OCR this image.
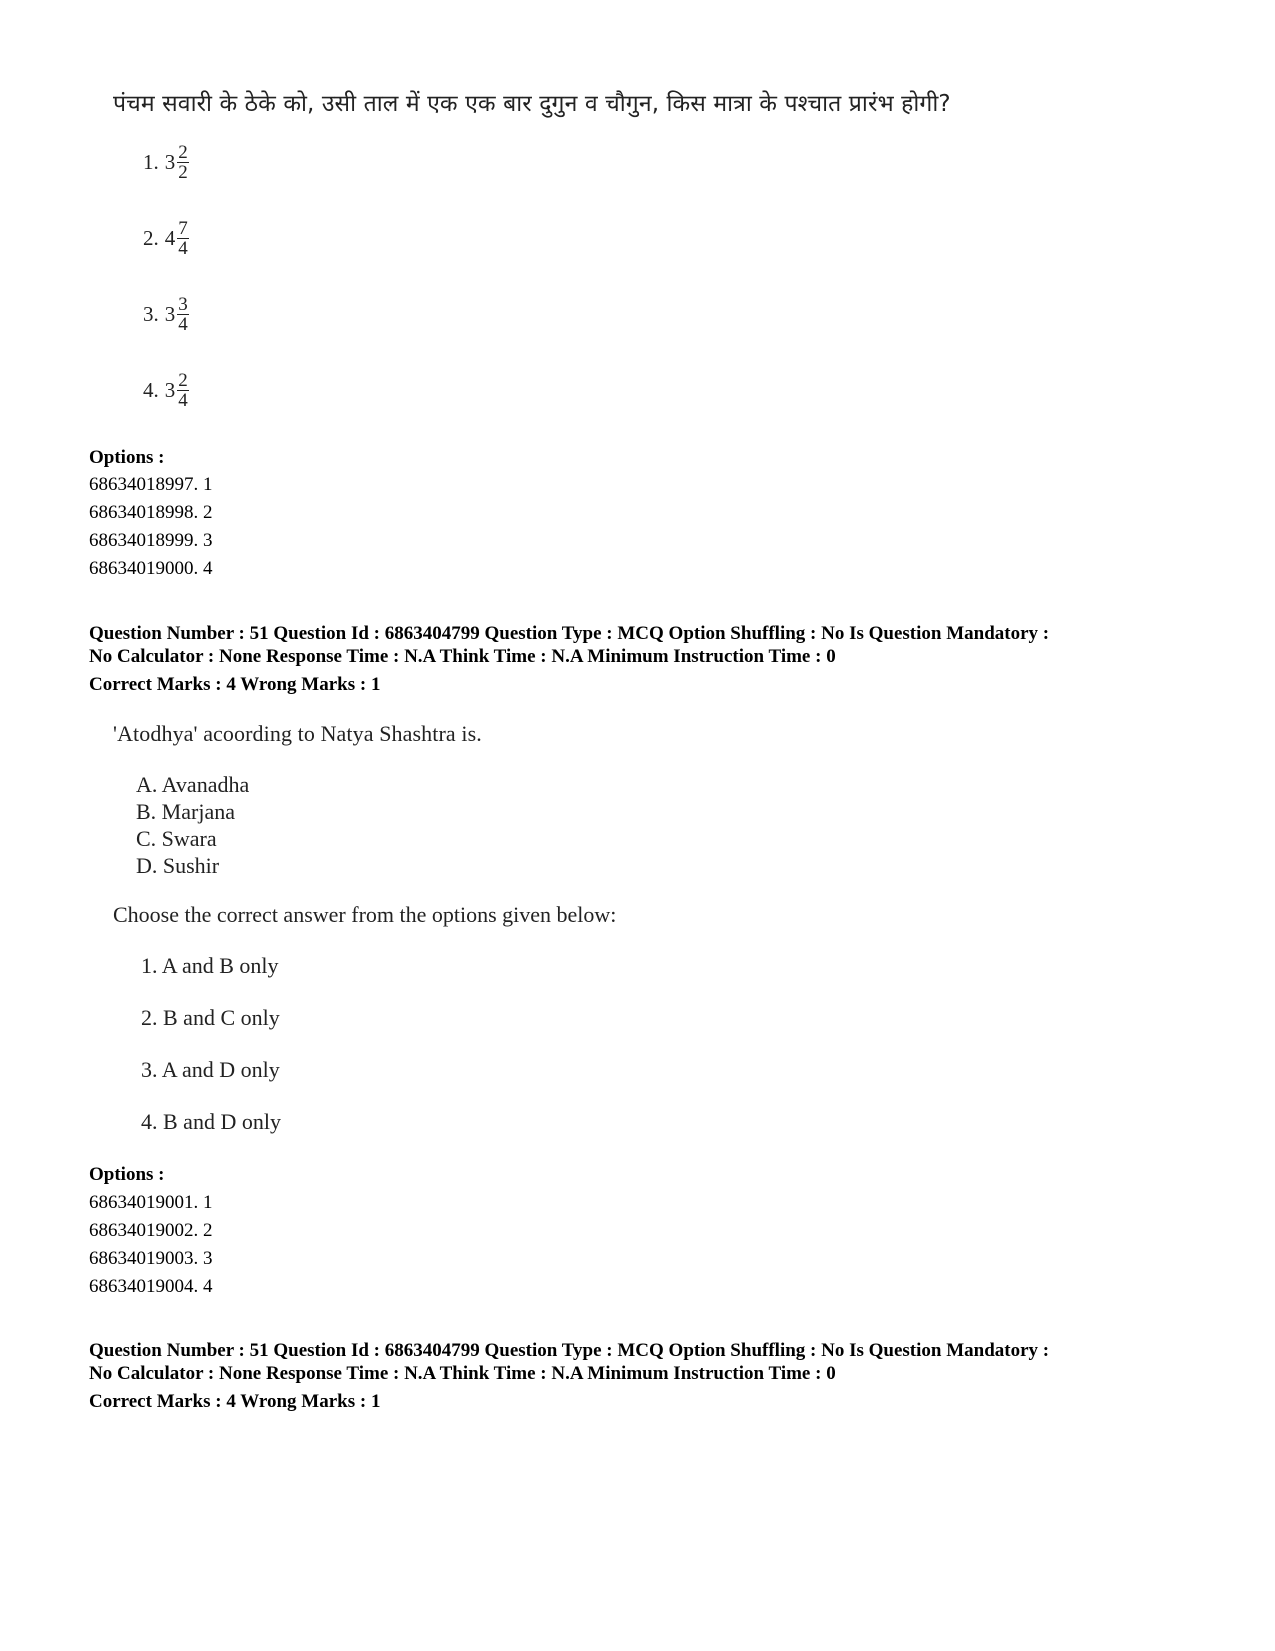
पंचम सवारी के ठेके को, उसी ताल में एक एक बार दुगुन व चौगुन, किस मात्रा के पश्चात प्रारंभ होगी?
1. $3 \frac{2}{2}$
2. $4 \frac{7}{4}$
3. $3 \frac{3}{4}$
4. $3 \frac{2}{4}$
Options :
68634018997. 1
68634018998. 2
68634018999. 3
68634019000. 4
Question Number : 51 Question Id : 6863404799 Question Type : MCQ Option Shuffling : No Is Question Mandatory :
No Calculator : None Response Time : N.A Think Time : N.A Minimum Instruction Time : 0
Correct Marks : 4 Wrong Marks : 1
'Atodhya' acoording to Natya Shashtra is.
A. Avanadha
B. Marjana
C. Swara
D. Sushir
Choose the correct answer from the options given below:
1. A and B only
2. B and C only
3. A and D only
4. B and D only
Options :
68634019001. 1
68634019002. 2
68634019003. 3
68634019004. 4
Question Number : 51 Question Id : 6863404799 Question Type : MCQ Option Shuffling : No Is Question Mandatory :
No Calculator : None Response Time : N.A Think Time : N.A Minimum Instruction Time : 0
Correct Marks : 4 Wrong Marks : 1
